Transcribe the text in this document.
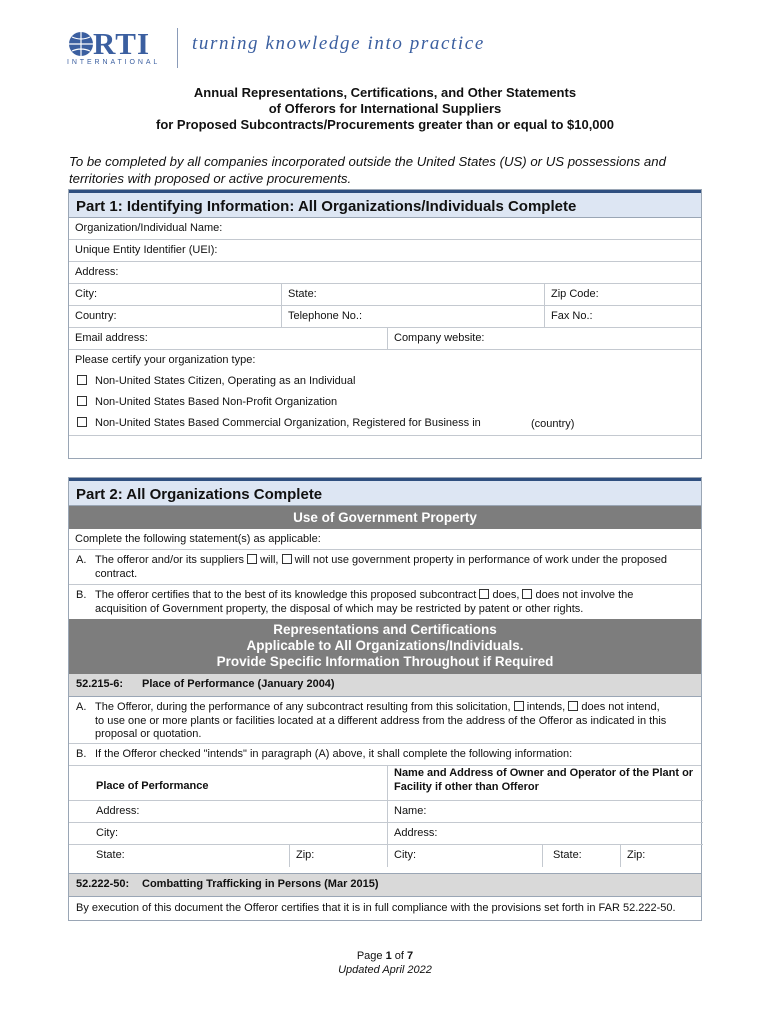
RTI
INTERNATIONAL
turning knowledge into practice
Annual Representations, Certifications, and Other Statements
of Offerors for International Suppliers
for Proposed Subcontracts/Procurements greater than or equal to $10,000
To be completed by all companies incorporated outside the United States (US) or US possessions and territories with proposed or active procurements.
Part 1: Identifying Information: All Organizations/Individuals Complete
Organization/Individual Name:
Unique Entity Identifier (UEI):
Address:
City:	State:	Zip Code:
Country:	Telephone No.:	Fax No.:
Email address:	Company website:
Please certify your organization type:
Non-United States Citizen, Operating as an Individual
Non-United States Based Non-Profit Organization
Non-United States Based Commercial Organization, Registered for Business in	(country)
Part 2: All Organizations Complete
Use of Government Property
Complete the following statement(s) as applicable:
A. The offeror and/or its suppliers will, will not use government property in performance of work under the proposed
contract.
B. The offeror certifies that to the best of its knowledge this proposed subcontract does, does not involve the
acquisition of Government property, the disposal of which may be restricted by patent or other rights.
Representations and Certifications
Applicable to All Organizations/Individuals.
Provide Specific Information Throughout if Required
52.215-6: Place of Performance (January 2004)
A. The Offeror, during the performance of any subcontract resulting from this solicitation, intends, does not intend,
to use one or more plants or facilities located at a different address from the address of the Offeror as indicated in this
proposal or quotation.
B. If the Offeror checked "intends" in paragraph (A) above, it shall complete the following information:
Place of Performance
Name and Address of Owner and Operator of the Plant or Facility if other than Offeror
Address:	Name:
City:	Address:
State:	Zip:	City:	State:	Zip:
52.222-50: Combatting Trafficking in Persons (Mar 2015)
By execution of this document the Offeror certifies that it is in full compliance with the provisions set forth in FAR 52.222-50.
Page 1 of 7
Updated April 2022
